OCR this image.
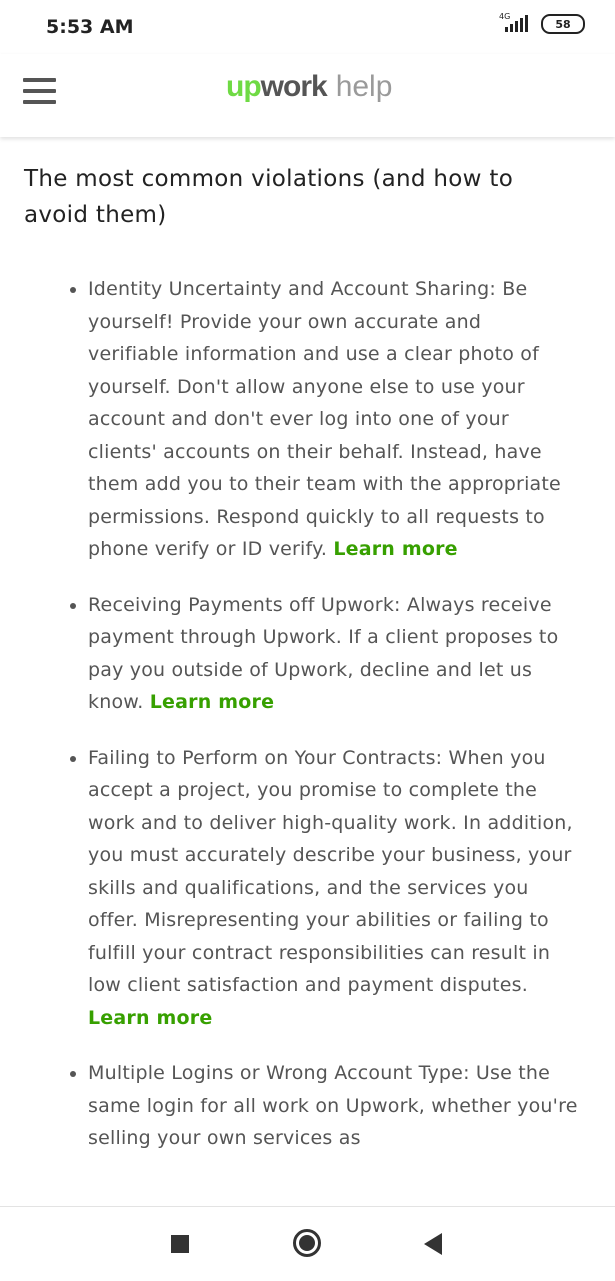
5:53 AM	4G
58
up work help
The most common violations (and how to avoid them)
Identity Uncertainty and Account Sharing: Be yourself! Provide your own accurate and verifiable information and use a clear photo of yourself. Don't allow anyone else to use your account and don't ever log into one of your clients' accounts on their behalf. Instead, have them add you to their team with the appropriate permissions. Respond quickly to all requests to phone verify or ID verify. Learn more
Receiving Payments off Upwork: Always receive payment through Upwork. If a client proposes to pay you outside of Upwork, decline and let us know. Learn more
Failing to Perform on Your Contracts: When you accept a project, you promise to complete the work and to deliver high-quality work. In addition, you must accurately describe your business, your skills and qualifications, and the services you offer. Misrepresenting your abilities or failing to fulfill your contract responsibilities can result in low client satisfaction and payment disputes. Learn more
Multiple Logins or Wrong Account Type: Use the same login for all work on Upwork, whether you're selling your own services as
